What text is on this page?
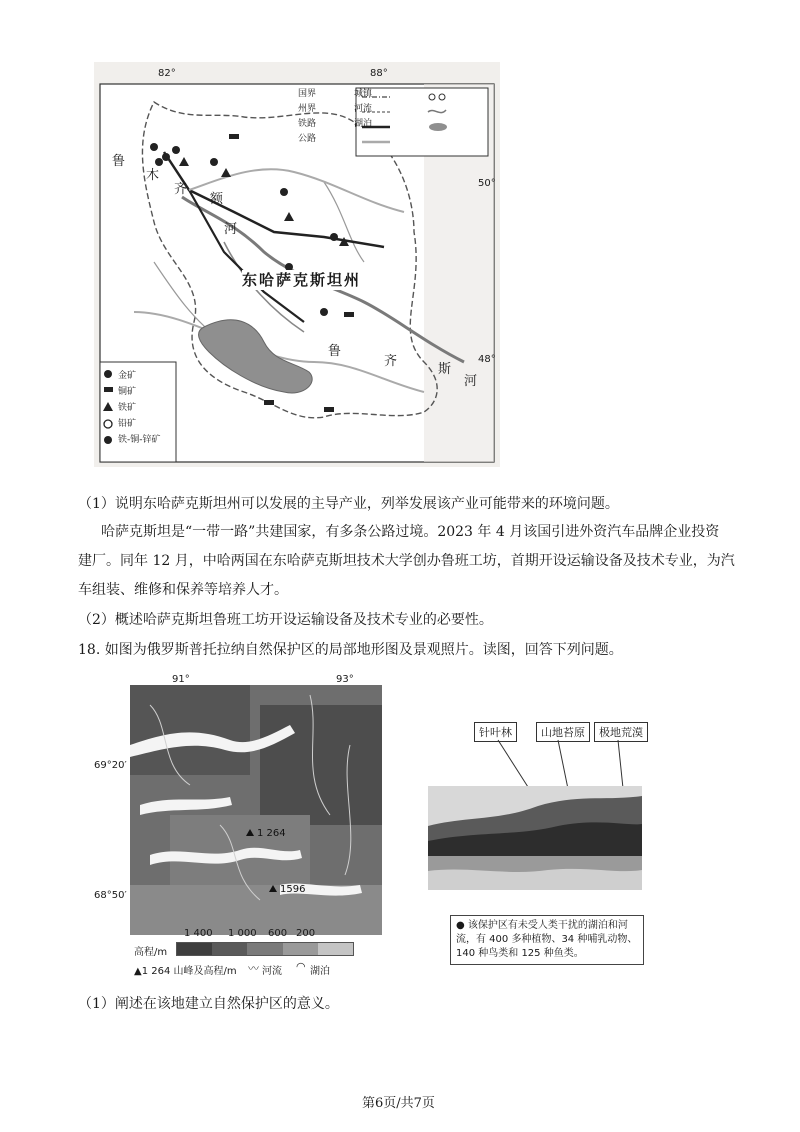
82°	88°
50°
48°
鲁
木
齐
额
河
东哈萨克斯坦州
鲁
齐
斯
河
国界
州界
铁路
公路
城镇
河流
湖泊
金矿
铜矿
铁矿
铅矿
铁-铜-锌矿
（1）说明东哈萨克斯坦州可以发展的主导产业，列举发展该产业可能带来的环境问题。
哈萨克斯坦是“一带一路”共建国家，有多条公路过境。2023 年 4 月该国引进外资汽车品牌企业投资
建厂。同年 12 月，中哈两国在东哈萨克斯坦技术大学创办鲁班工坊，首期开设运输设备及技术专业，为汽
车组装、维修和保养等培养人才。
（2）概述哈萨克斯坦鲁班工坊开设运输设备及技术专业的必要性。
18. 如图为俄罗斯普托拉纳自然保护区的局部地形图及景观照片。读图，回答下列问题。
91°	93°
69°20′
68°50′
1 264
1596
1 400 1 000 600 200
高程/m
▲1 264 山峰及高程/m 〰 河流 ◠ 湖泊
针叶林	山地苔原	极地荒漠
● 该保护区有未受人类干扰的湖泊和河流，有 400 多种植物、34 种哺乳动物、140 种鸟类和 125 种鱼类。
（1）阐述在该地建立自然保护区的意义。
第6页/共7页
